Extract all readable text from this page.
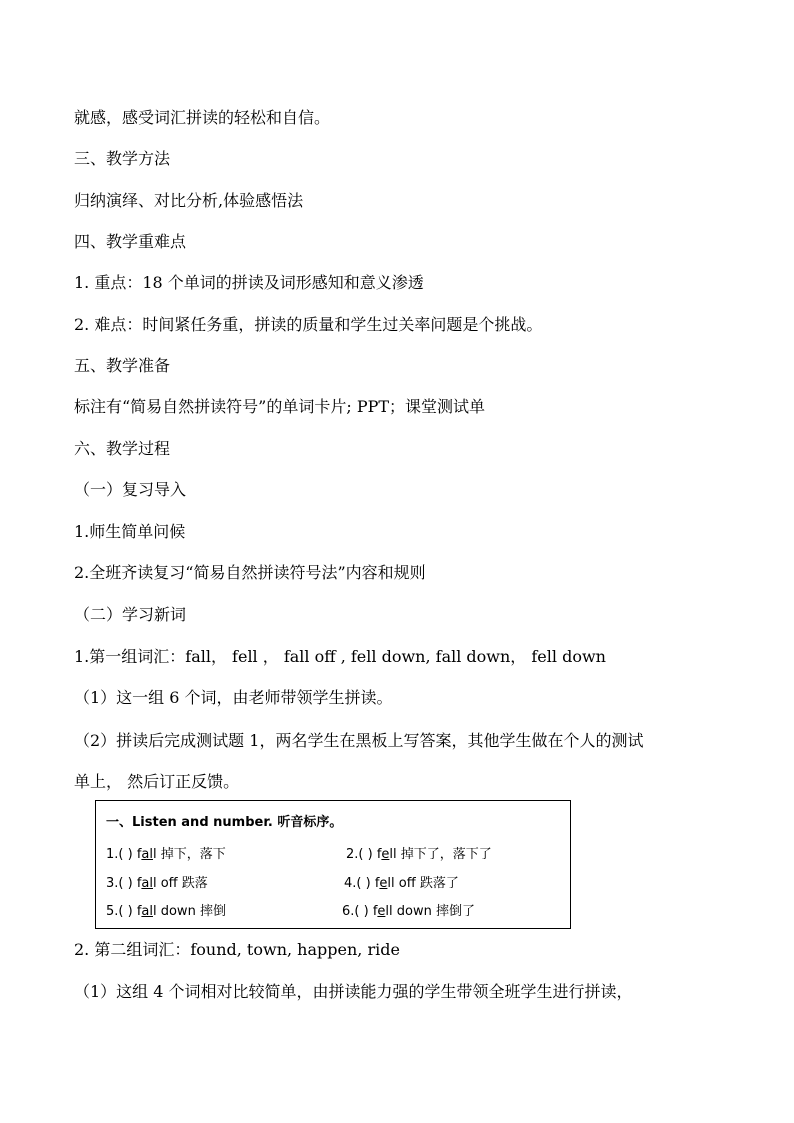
就感，感受词汇拼读的轻松和自信。
三、教学方法
归纳演绎、对比分析,体验感悟法
四、教学重难点
1. 重点：18 个单词的拼读及词形感知和意义渗透
2. 难点：时间紧任务重，拼读的质量和学生过关率问题是个挑战。
五、教学准备
标注有“简易自然拼读符号”的单词卡片; PPT；课堂测试单
六、教学过程
（一）复习导入
1.师生简单问候
2.全班齐读复习“简易自然拼读符号法”内容和规则
（二）学习新词
1.第一组词汇：fall， fell ， fall off , fell down, fall down， fell down
（1）这一组 6 个词，由老师带领学生拼读。
（2）拼读后完成测试题 1，两名学生在黑板上写答案，其他学生做在个人的测试
单上， 然后订正反馈。
一、Listen and number. 听音标序。
1.( ) fall 掉下，落下	2.( ) fell 掉下了，落下了
3.( ) fall off 跌落	4.( ) fell off 跌落了
5.( ) fall down 摔倒	6.( ) fell down 摔倒了
2. 第二组词汇：found, town, happen, ride
（1）这组 4 个词相对比较简单，由拼读能力强的学生带领全班学生进行拼读，
